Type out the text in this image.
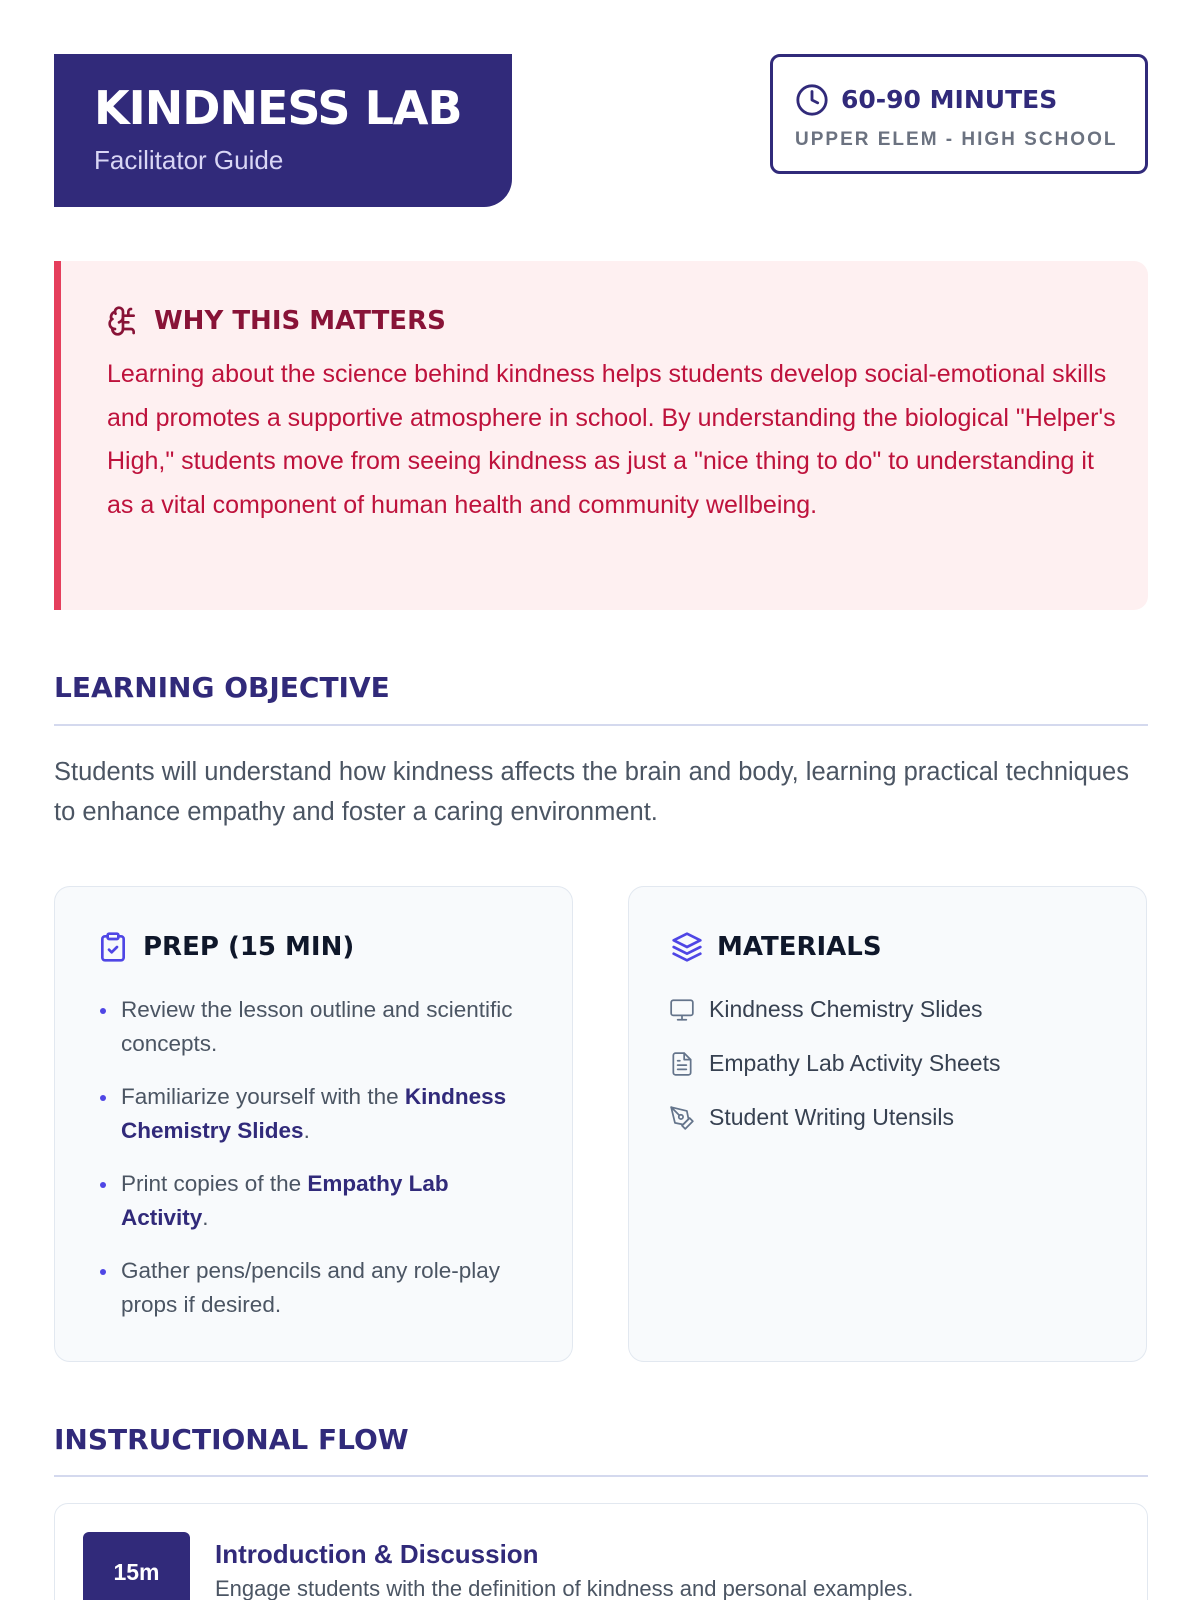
KINDNESS LAB
Facilitator Guide
60-90 MINUTES
UPPER ELEM - HIGH SCHOOL
WHY THIS MATTERS
Learning about the science behind kindness helps students develop social-emotional skills and promotes a supportive atmosphere in school. By understanding the biological "Helper's High," students move from seeing kindness as just a "nice thing to do" to understanding it as a vital component of human health and community wellbeing.
LEARNING OBJECTIVE
Students will understand how kindness affects the brain and body, learning practical techniques to enhance empathy and foster a caring environment.
PREP (15 MIN)
Review the lesson outline and scientific concepts.
Familiarize yourself with the Kindness Chemistry Slides.
Print copies of the Empathy Lab Activity.
Gather pens/pencils and any role-play props if desired.
MATERIALS
Kindness Chemistry Slides
Empathy Lab Activity Sheets
Student Writing Utensils
INSTRUCTIONAL FLOW
15m
Introduction & Discussion
Engage students with the definition of kindness and personal examples.
